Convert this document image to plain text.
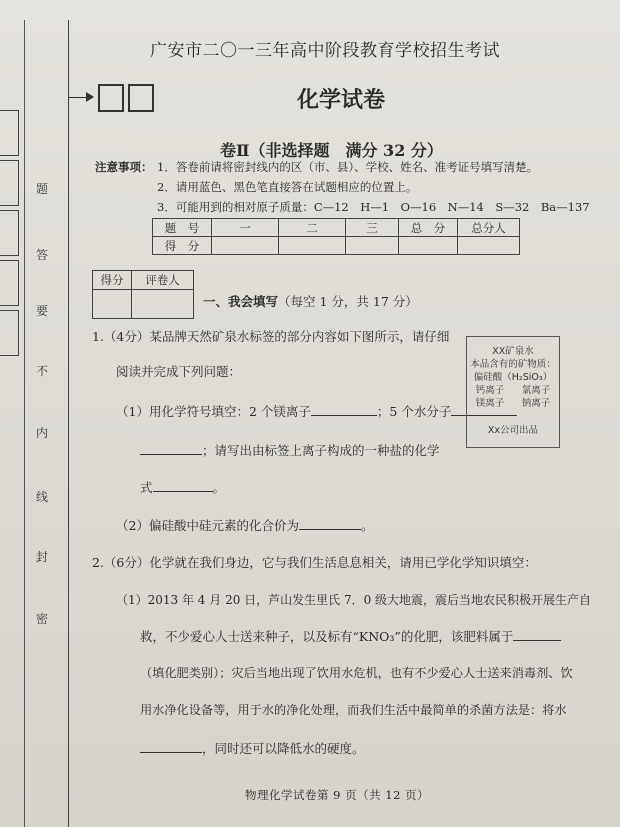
题
答
要
不
内
线
封
密
广安市二〇一三年高中阶段教育学校招生考试
化学试卷
卷Ⅱ（非选择题　满分 32 分）
注意事项： 1．答卷前请将密封线内的区（市、县）、学校、姓名、准考证号填写清楚。
2．请用蓝色、黑色笔直接答在试题相应的位置上。
3．可能用到的相对原子质量：C—12　H—1　O—16　N—14　S—32　Ba—137
题　号	一	二	三	总　分	总分人
得　分					
得分	评卷人

一、我会填写（每空 1 分，共 17 分）
1.（4分）某品牌天然矿泉水标签的部分内容如下图所示，请仔细
阅读并完成下列问题：
（1）用化学符号填空：2 个镁离子	；5 个水分子
；请写出由标签上离子构成的一种盐的化学
式	。
（2）偏硅酸中硅元素的化合价为	。
XX矿泉水
本品含有的矿物质：
偏硅酸（H₂SiO₃）
钙离子 氯离子
镁离子 钠离子
Xx公司出品
2.（6分）化学就在我们身边，它与我们生活息息相关，请用已学化学知识填空：
（1）2013 年 4 月 20 日，芦山发生里氏 7．0 级大地震，震后当地农民积极开展生产自
救，不少爱心人士送来种子，以及标有“KNO₃”的化肥，该肥料属于
（填化肥类别）；灾后当地出现了饮用水危机，也有不少爱心人士送来消毒剂、饮
用水净化设备等，用于水的净化处理，而我们生活中最简单的杀菌方法是：将水
，同时还可以降低水的硬度。
物理化学试卷第 9 页（共 12 页）
